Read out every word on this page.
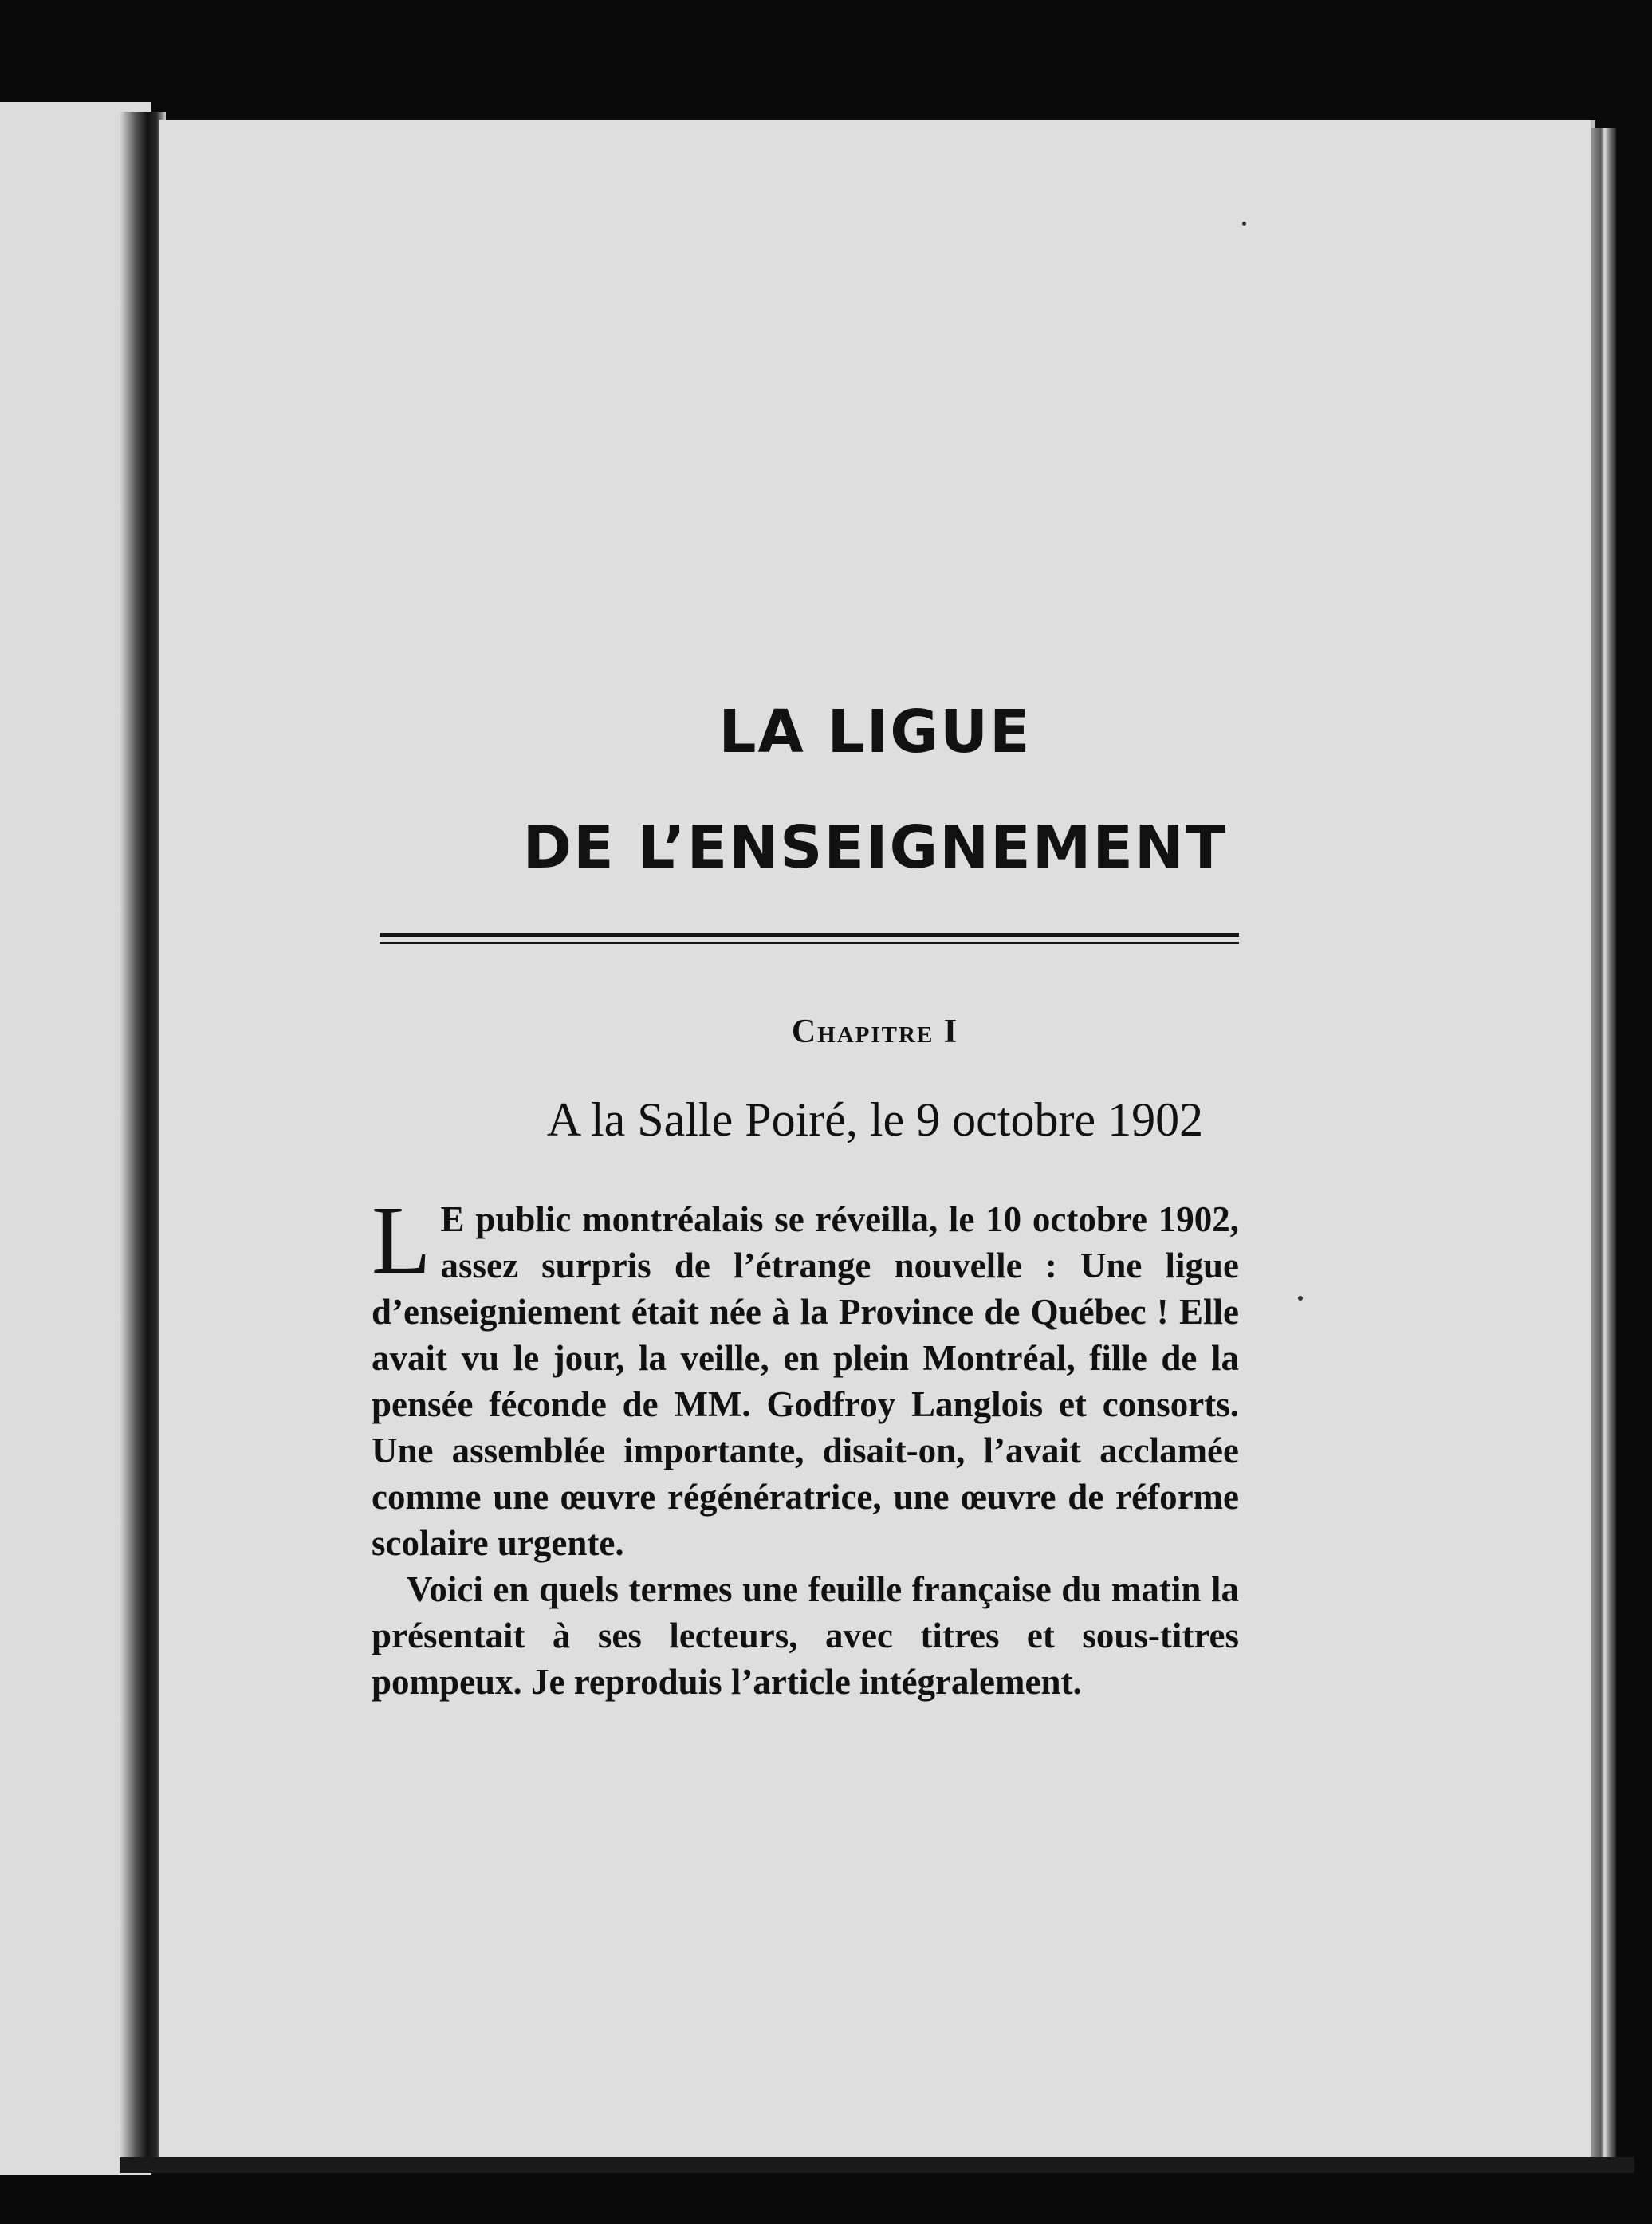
LA LIGUE
DE L’ENSEIGNEMENT
Chapitre I
A la Salle Poiré, le 9 octobre 1902

L E public montréalais se réveilla, le 10 octobre 1902, assez surpris de l’étrange nouvelle : Une ligue d’enseigniement était née à la Province de Québec ! Elle avait vu le jour, la veille, en plein Montréal, fille de la pensée féconde de MM. Godfroy Langlois et consorts. Une assemblée importante, disait-on, l’avait acclamée comme une œuvre régénératrice, une œuvre de réforme scolaire urgente.

Voici en quels termes une feuille française du matin la présentait à ses lecteurs, avec titres et sous-titres pompeux. Je reproduis l’article intégralement.
